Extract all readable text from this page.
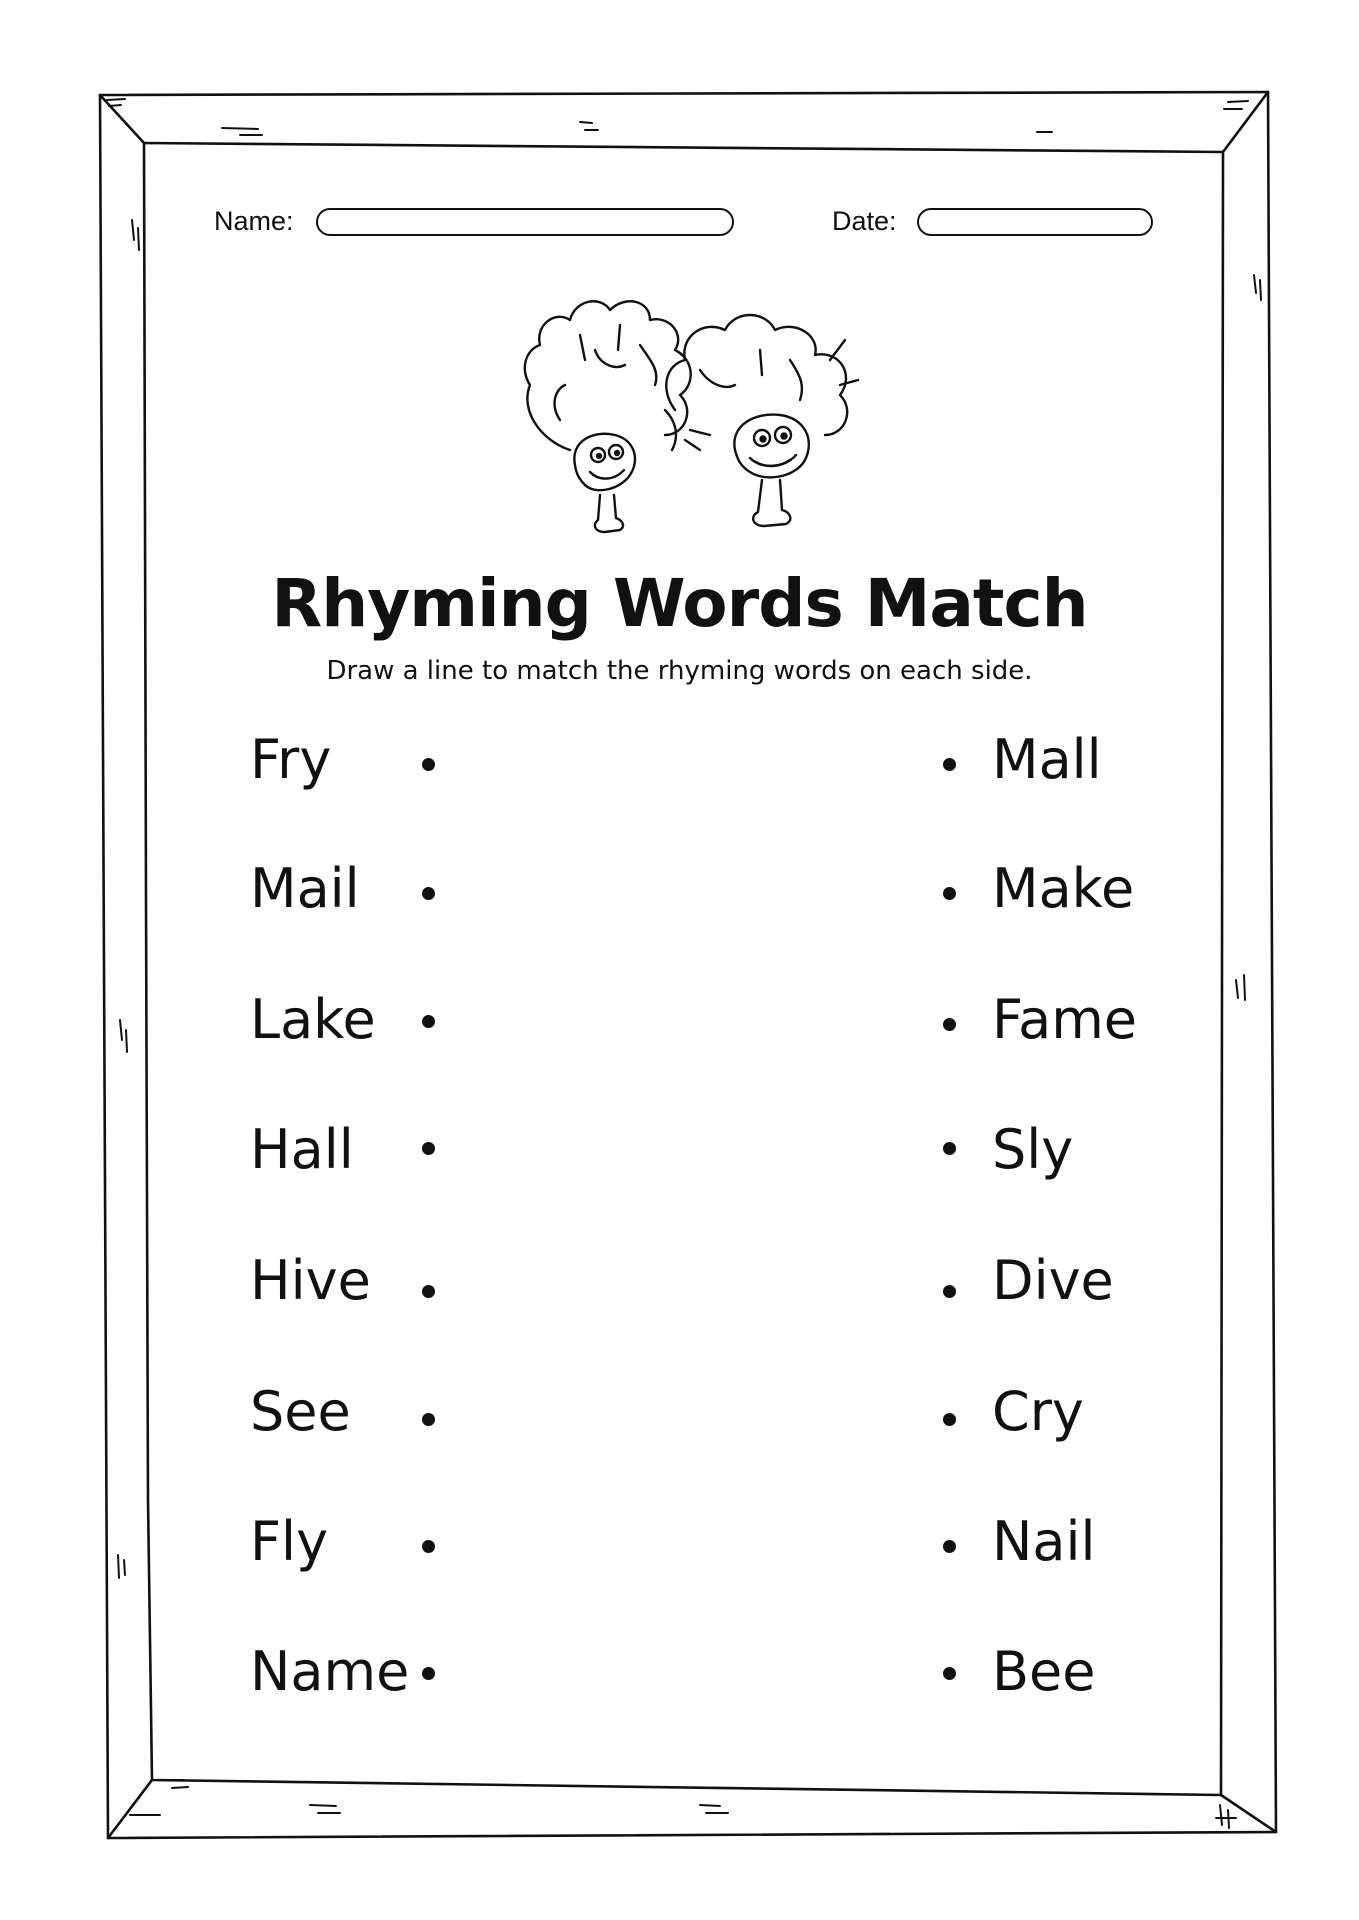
Name:	Date:
Rhyming Words Match
Draw a line to match the rhyming words on each side.
Fry
Mail
Lake
Hall
Hive
See
Fly
Name
Mall
Make
Fame
Sly
Dive
Cry
Nail
Bee
